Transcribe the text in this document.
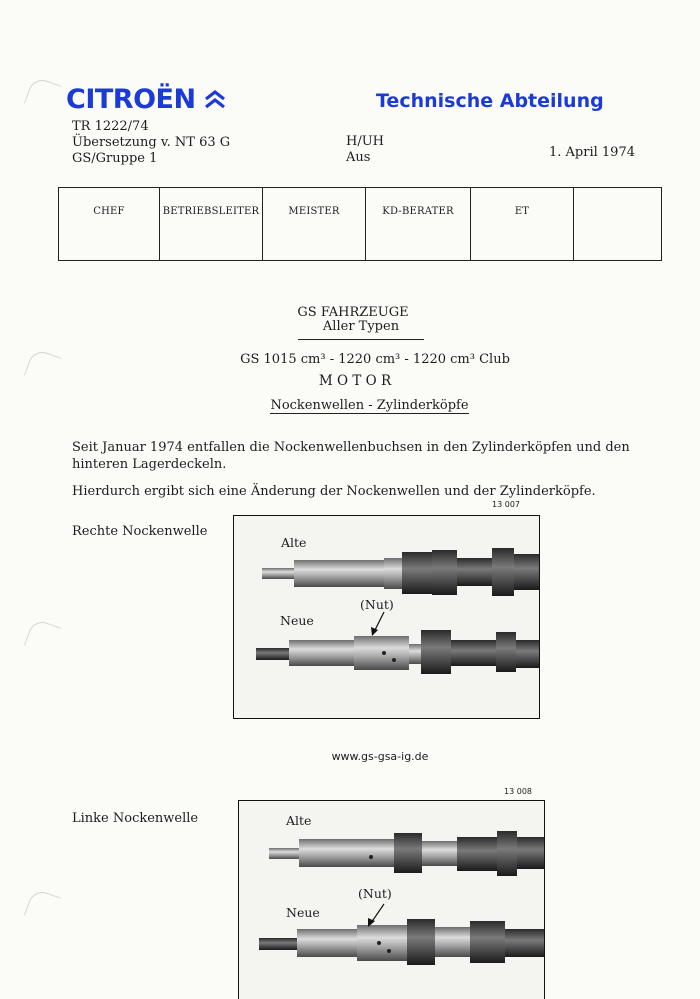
CITROËN	Technische Abteilung
TR 1222/74
Übersetzung v. NT 63 G
GS/Gruppe 1
H/UH
Aus	1. April 1974
CHEF	BETRIEBSLEITER	MEISTER	KD-BERATER	ET	
GS FAHRZEUGE
Aller Typen
GS 1015 cm³ - 1220 cm³ - 1220 cm³ Club
M O T O R
Nockenwellen - Zylinderköpfe
Seit Januar 1974 entfallen die Nockenwellenbuchsen in den Zylinderköpfen und den hinteren Lagerdeckeln.
Hierdurch ergibt sich eine Änderung der Nockenwellen und der Zylinderköpfe.
13 007
Rechte Nockenwelle
Alte
Neue
(Nut)
www.gs-gsa-ig.de
13 008
Linke Nockenwelle	Alte
Neue
(Nut)
